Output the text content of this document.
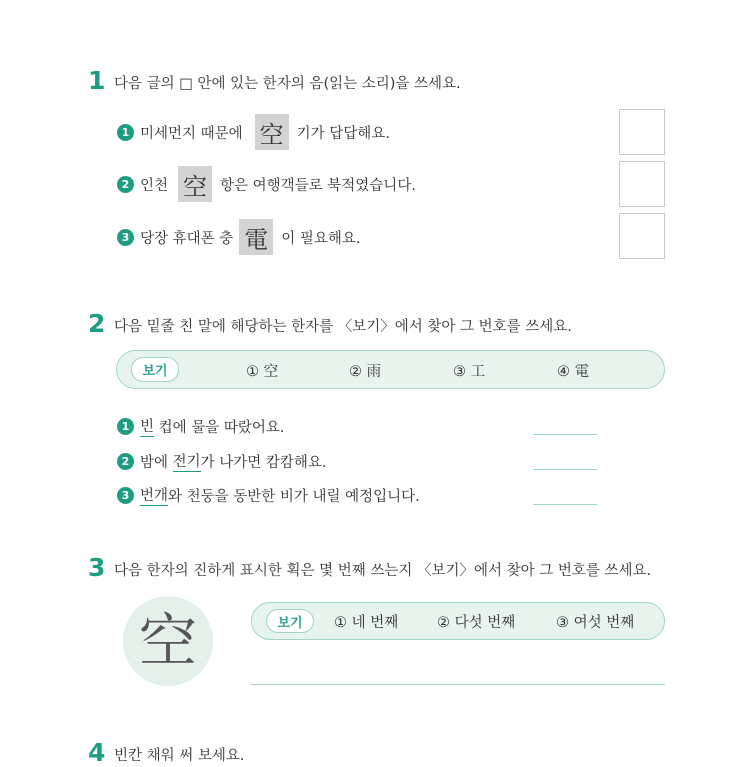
1 다음 글의 □ 안에 있는 한자의 음(읽는 소리)을 쓰세요.
1 미세먼지 때문에 空 기가 답답해요.
2 인천 空 항은 여행객들로 북적였습니다.
3 당장 휴대폰 충 電 이 필요해요.
2 다음 밑줄 친 말에 해당하는 한자를 〈보기〉에서 찾아 그 번호를 쓰세요.
보기	① 空	② 雨	③ 工	④ 電
1 빈 컵에 물을 따랐어요.
2 밤에 전기 가 나가면 캄캄해요.
3 번개 와 천둥을 동반한 비가 내릴 예정입니다.
3 다음 한자의 진하게 표시한 획은 몇 번째 쓰는지 〈보기〉에서 찾아 그 번호를 쓰세요.
空	보기	① 네 번째	② 다섯 번째	③ 여섯 번째
4 빈칸 채워 써 보세요.
